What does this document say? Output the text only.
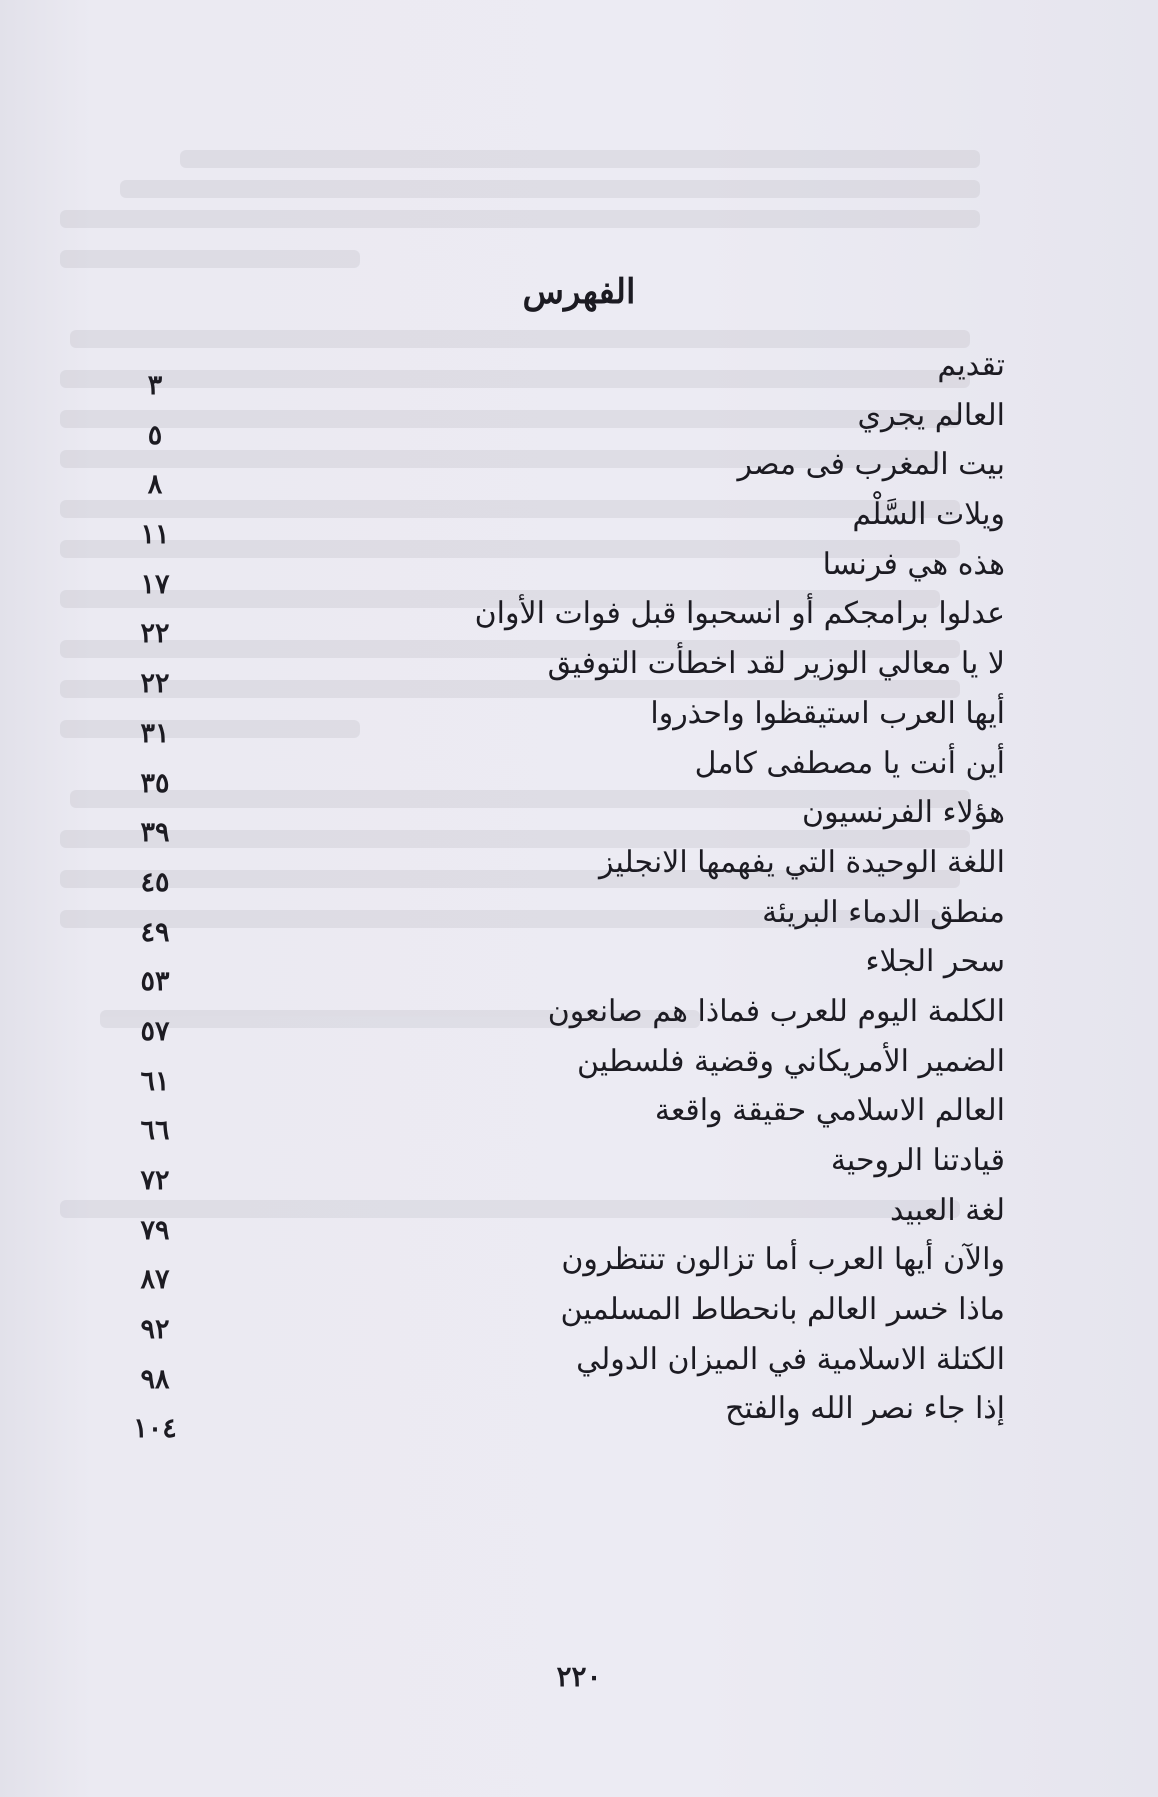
الفهرس
تقديم
٣
العالم يجري
٥
بيت المغرب فى مصر
٨
ويلات السَّلْم
١١
هذه هي فرنسا
١٧
عدلوا برامجكم أو انسحبوا قبل فوات الأوان
٢٢
لا يا معالي الوزير لقد اخطأت التوفيق
٢٢
أيها العرب استيقظوا واحذروا
٣١
أين أنت يا مصطفى كامل
٣٥
هؤلاء الفرنسيون
٣٩
اللغة الوحيدة التي يفهمها الانجليز
٤٥
منطق الدماء البريئة
٤٩
سحر الجلاء
٥٣
الكلمة اليوم للعرب فماذا هم صانعون
٥٧
الضمير الأمريكاني وقضية فلسطين
٦١
العالم الاسلامي حقيقة واقعة
٦٦
قيادتنا الروحية
٧٢
لغة العبيد
٧٩
والآن أيها العرب أما تزالون تنتظرون
٨٧
ماذا خسر العالم بانحطاط المسلمين
٩٢
الكتلة الاسلامية في الميزان الدولي
٩٨
إذا جاء نصر الله والفتح
١٠٤
٢٢٠
